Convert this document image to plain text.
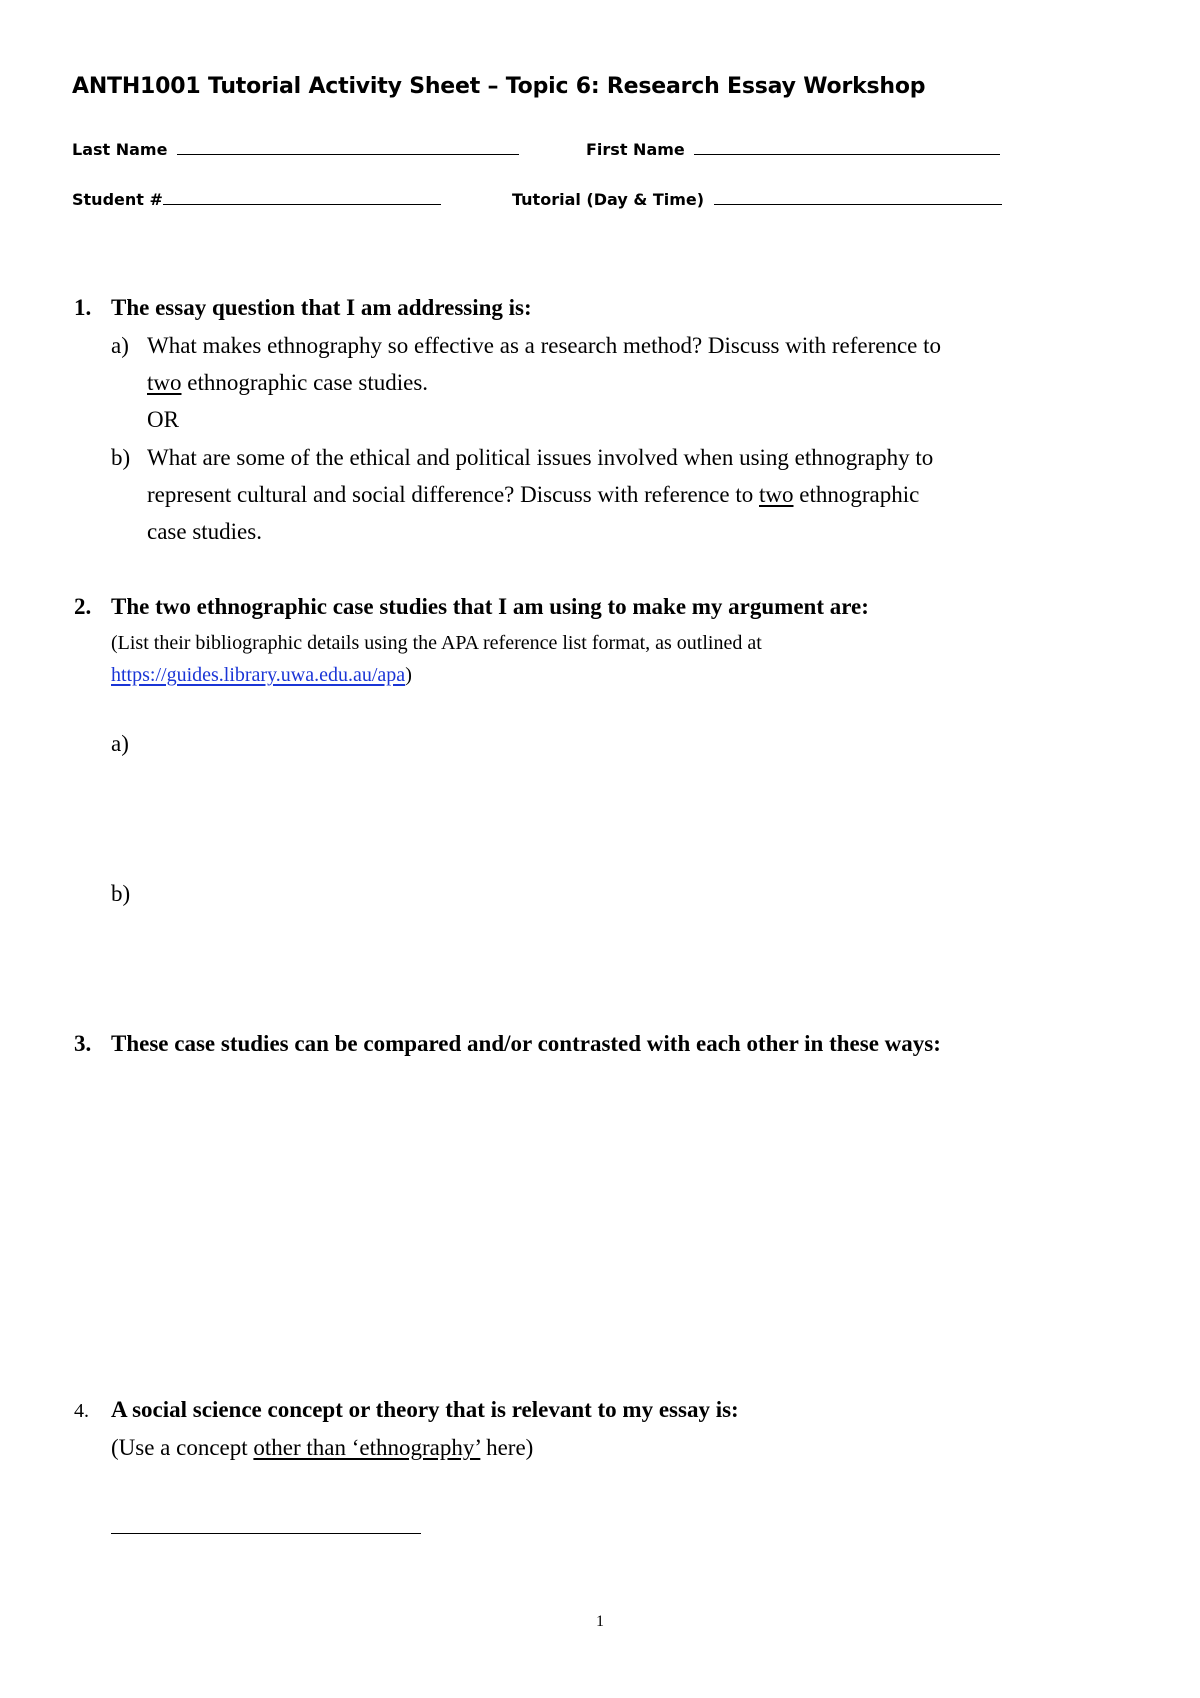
ANTH1001 Tutorial Activity Sheet – Topic 6: Research Essay Workshop
Last Name	First Name
Student #	Tutorial (Day & Time)
1. The essay question that I am addressing is:
a) What makes ethnography so effective as a research method? Discuss with reference to
two ethnographic case studies.
OR
b) What are some of the ethical and political issues involved when using ethnography to
represent cultural and social difference? Discuss with reference to two ethnographic
case studies.
2. The two ethnographic case studies that I am using to make my argument are:
(List their bibliographic details using the APA reference list format, as outlined at
https://guides.library.uwa.edu.au/apa)
a)
b)
3. These case studies can be compared and/or contrasted with each other in these ways:
4. A social science concept or theory that is relevant to my essay is:
(Use a concept other than ‘ethnography’ here)
1
